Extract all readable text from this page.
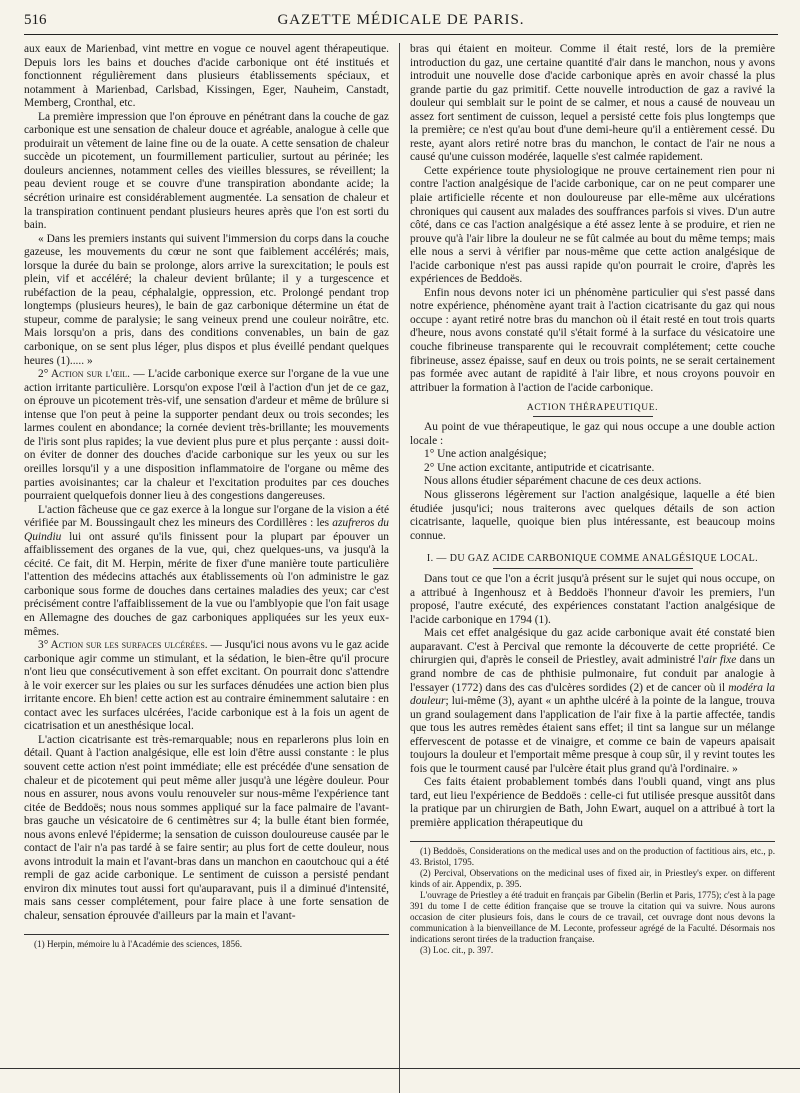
516	GAZETTE MÉDICALE DE PARIS.

aux eaux de Marienbad, vint mettre en vogue ce nouvel agent thérapeutique. Depuis lors les bains et douches d'acide carbonique ont été institués et fonctionnent régulièrement dans plusieurs établissements spéciaux, et notamment à Marienbad, Carlsbad, Kissingen, Eger, Nauheim, Canstadt, Memberg, Cronthal, etc.

La première impression que l'on éprouve en pénétrant dans la couche de gaz carbonique est une sensation de chaleur douce et agréable, analogue à celle que produirait un vêtement de laine fine ou de la ouate. A cette sensation de chaleur succède un picotement, un fourmillement particulier, surtout au périnée; les douleurs anciennes, notamment celles des vieilles blessures, se réveillent; la peau devient rouge et se couvre d'une transpiration abondante acide; la sécrétion urinaire est considérablement augmentée. La sensation de chaleur et la transpiration continuent pendant plusieurs heures après que l'on est sorti du bain.

« Dans les premiers instants qui suivent l'immersion du corps dans la couche gazeuse, les mouvements du cœur ne sont que faiblement accélérés; mais, lorsque la durée du bain se prolonge, alors arrive la surexcitation; le pouls est plein, vif et accéléré; la chaleur devient brûlante; il y a turgescence et rubéfaction de la peau, céphalalgie, oppression, etc. Prolongé pendant trop longtemps (plusieurs heures), le bain de gaz carbonique détermine un état de stupeur, comme de paralysie; le sang veineux prend une couleur noirâtre, etc. Mais lorsqu'on a pris, dans des conditions convenables, un bain de gaz carbonique, on se sent plus léger, plus dispos et plus éveillé pendant quelques heures (1)..... »

2° Action sur l'œil. — L'acide carbonique exerce sur l'organe de la vue une action irritante particulière. Lorsqu'on expose l'œil à l'action d'un jet de ce gaz, on éprouve un picotement très-vif, une sensation d'ardeur et même de brûlure si intense que l'on peut à peine la supporter pendant deux ou trois secondes; les larmes coulent en abondance; la cornée devient très-brillante; les mouvements de l'iris sont plus rapides; la vue devient plus pure et plus perçante : aussi doit-on éviter de donner des douches d'acide carbonique sur les yeux ou sur les oreilles lorsqu'il y a une disposition inflammatoire de l'organe ou même des parties avoisinantes; car la chaleur et l'excitation produites par ces douches pourraient quelquefois donner lieu à des congestions dangereuses.

L'action fâcheuse que ce gaz exerce à la longue sur l'organe de la vision a été vérifiée par M. Boussingault chez les mineurs des Cordillères : les azufreros du Quindiu lui ont assuré qu'ils finissent pour la plupart par épouver un affaiblissement des organes de la vue, qui, chez quelques-uns, va jusqu'à la cécité. Ce fait, dit M. Herpin, mérite de fixer d'une manière toute particulière l'attention des médecins attachés aux établissements où l'on administre le gaz carbonique sous forme de douches dans certaines maladies des yeux; car c'est précisément contre l'affaiblissement de la vue ou l'amblyopie que l'on fait usage en Allemagne des douches de gaz carboniques appliquées sur les yeux eux-mêmes.

3° Action sur les surfaces ulcérées. — Jusqu'ici nous avons vu le gaz acide carbonique agir comme un stimulant, et la sédation, le bien-être qu'il procure n'ont lieu que consécutivement à son effet excitant. On pourrait donc s'attendre à le voir exercer sur les plaies ou sur les surfaces dénudées une action bien plus irritante encore. Eh bien! cette action est au contraire éminemment salutaire : en contact avec les surfaces ulcérées, l'acide carbonique est à la fois un agent de cicatrisation et un anesthésique local.

L'action cicatrisante est très-remarquable; nous en reparlerons plus loin en détail. Quant à l'action analgésique, elle est loin d'être aussi constante : le plus souvent cette action n'est point immédiate; elle est précédée d'une sensation de chaleur et de picotement qui peut même aller jusqu'à une légère douleur. Pour nous en assurer, nous avons voulu renouveler sur nous-même l'expérience tant citée de Beddoës; nous nous sommes appliqué sur la face palmaire de l'avant-bras gauche un vésicatoire de 6 centimètres sur 4; la bulle étant bien formée, nous avons enlevé l'épiderme; la sensation de cuisson douloureuse causée par le contact de l'air n'a pas tardé à se faire sentir; au plus fort de cette douleur, nous avons introduit la main et l'avant-bras dans un manchon en caoutchouc qui a été rempli de gaz acide carbonique. Le sentiment de cuisson a persisté pendant environ dix minutes tout aussi fort qu'auparavant, puis il a diminué d'intensité, mais sans cesser complétement, pour faire place à une forte sensation de chaleur, sensation éprouvée d'ailleurs par la main et l'avant-

(1) Herpin, mémoire lu à l'Académie des sciences, 1856.

bras qui étaient en moiteur. Comme il était resté, lors de la première introduction du gaz, une certaine quantité d'air dans le manchon, nous y avons introduit une nouvelle dose d'acide carbonique après en avoir chassé la plus grande partie du gaz primitif. Cette nouvelle introduction de gaz a ravivé la douleur qui semblait sur le point de se calmer, et nous a causé de nouveau un assez fort sentiment de cuisson, lequel a persisté cette fois plus longtemps que la première; ce n'est qu'au bout d'une demi-heure qu'il a entièrement cessé. Du reste, ayant alors retiré notre bras du manchon, le contact de l'air ne nous a causé qu'une cuisson modérée, laquelle s'est calmée rapidement.

Cette expérience toute physiologique ne prouve certainement rien pour ni contre l'action analgésique de l'acide carbonique, car on ne peut comparer une plaie artificielle récente et non douloureuse par elle-même aux ulcérations chroniques qui causent aux malades des souffrances parfois si vives. D'un autre côté, dans ce cas l'action analgésique a été assez lente à se produire, et rien ne prouve qu'à l'air libre la douleur ne se fût calmée au bout du même temps; mais elle nous a servi à vérifier par nous-même que cette action analgésique de l'acide carbonique n'est pas aussi rapide qu'on pourrait le croire, d'après les expériences de Beddoës.

Enfin nous devons noter ici un phénomène particulier qui s'est passé dans notre expérience, phénomène ayant trait à l'action cicatrisante du gaz qui nous occupe : ayant retiré notre bras du manchon où il était resté en tout trois quarts d'heure, nous avons constaté qu'il s'était formé à la surface du vésicatoire une couche fibrineuse transparente qui le recouvrait complétement; cette couche fibrineuse, assez épaisse, sauf en deux ou trois points, ne se serait certainement pas formée avec autant de rapidité à l'air libre, et nous croyons pouvoir en attribuer la formation à l'action de l'acide carbonique.

ACTION THÉRAPEUTIQUE.

Au point de vue thérapeutique, le gaz qui nous occupe a une double action locale :

1° Une action analgésique;

2° Une action excitante, antiputride et cicatrisante.

Nous allons étudier séparément chacune de ces deux actions.

Nous glisserons légèrement sur l'action analgésique, laquelle a été bien étudiée jusqu'ici; nous traiterons avec quelques détails de son action cicatrisante, laquelle, quoique bien plus intéressante, est beaucoup moins connue.

I. — DU GAZ ACIDE CARBONIQUE COMME ANALGÉSIQUE LOCAL.

Dans tout ce que l'on a écrit jusqu'à présent sur le sujet qui nous occupe, on a attribué à Ingenhousz et à Beddoës l'honneur d'avoir les premiers, l'un proposé, l'autre exécuté, des expériences constatant l'action analgésique de l'acide carbonique en 1794 (1).

Mais cet effet analgésique du gaz acide carbonique avait été constaté bien auparavant. C'est à Percival que remonte la découverte de cette propriété. Ce chirurgien qui, d'après le conseil de Priestley, avait administré l'air fixe dans un grand nombre de cas de phthisie pulmonaire, fut conduit par analogie à l'essayer (1772) dans des cas d'ulcères sordides (2) et de cancer où il modéra la douleur; lui-même (3), ayant « un aphthe ulcéré à la pointe de la langue, trouva un grand soulagement dans l'application de l'air fixe à la partie affectée, tandis que tous les autres remèdes étaient sans effet; il tint sa langue sur un mélange effervescent de potasse et de vinaigre, et comme ce bain de vapeurs apaisait toujours la douleur et l'emportait même presque à coup sûr, il y revint toutes les fois que le tourment causé par l'ulcère était plus grand qu'à l'ordinaire. »

Ces faits étaient probablement tombés dans l'oubli quand, vingt ans plus tard, eut lieu l'expérience de Beddoës : celle-ci fut utilisée presque aussitôt dans la pratique par un chirurgien de Bath, John Ewart, auquel on a attribué à tort la première application thérapeutique du

(1) Beddoës, Considerations on the medical uses and on the production of factitious airs, etc., p. 43. Bristol, 1795.

(2) Percival, Observations on the medicinal uses of fixed air, in Priestley's exper. on different kinds of air. Appendix, p. 395.

L'ouvrage de Priestley a été traduit en français par Gibelin (Berlin et Paris, 1775); c'est à la page 391 du tome I de cette édition française que se trouve la citation qui va suivre. Nous aurons occasion de citer plusieurs fois, dans le cours de ce travail, cet ouvrage dont nous devons la communication à la bienveillance de M. Leconte, professeur agrégé de la Faculté. Désormais nos indications seront tirées de la traduction française.

(3) Loc. cit., p. 397.
